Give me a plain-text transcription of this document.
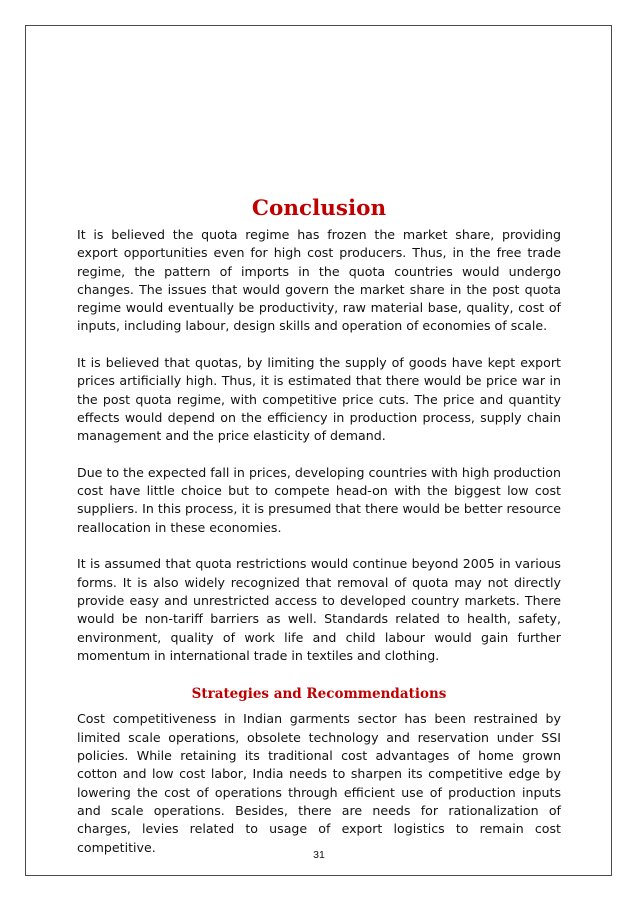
Conclusion

It is believed the quota regime has frozen the market share, providing export opportunities even for high cost producers. Thus, in the free trade regime, the pattern of imports in the quota countries would undergo changes. The issues that would govern the market share in the post quota regime would eventually be productivity, raw material base, quality, cost of inputs, including labour, design skills and operation of economies of scale.

It is believed that quotas, by limiting the supply of goods have kept export prices artificially high. Thus, it is estimated that there would be price war in the post quota regime, with competitive price cuts. The price and quantity effects would depend on the efficiency in production process, supply chain management and the price elasticity of demand.

Due to the expected fall in prices, developing countries with high production cost have little choice but to compete head-on with the biggest low cost suppliers. In this process, it is presumed that there would be better resource reallocation in these economies.

It is assumed that quota restrictions would continue beyond 2005 in various forms. It is also widely recognized that removal of quota may not directly provide easy and unrestricted access to developed country markets. There would be non-tariff barriers as well. Standards related to health, safety, environment, quality of work life and child labour would gain further momentum in international trade in textiles and clothing.

Strategies and Recommendations

Cost competitiveness in Indian garments sector has been restrained by limited scale operations, obsolete technology and reservation under SSI policies. While retaining its traditional cost advantages of home grown cotton and low cost labor, India needs to sharpen its competitive edge by lowering the cost of operations through efficient use of production inputs and scale operations. Besides, there are needs for rationalization of charges, levies related to usage of export logistics to remain cost competitive.

31
